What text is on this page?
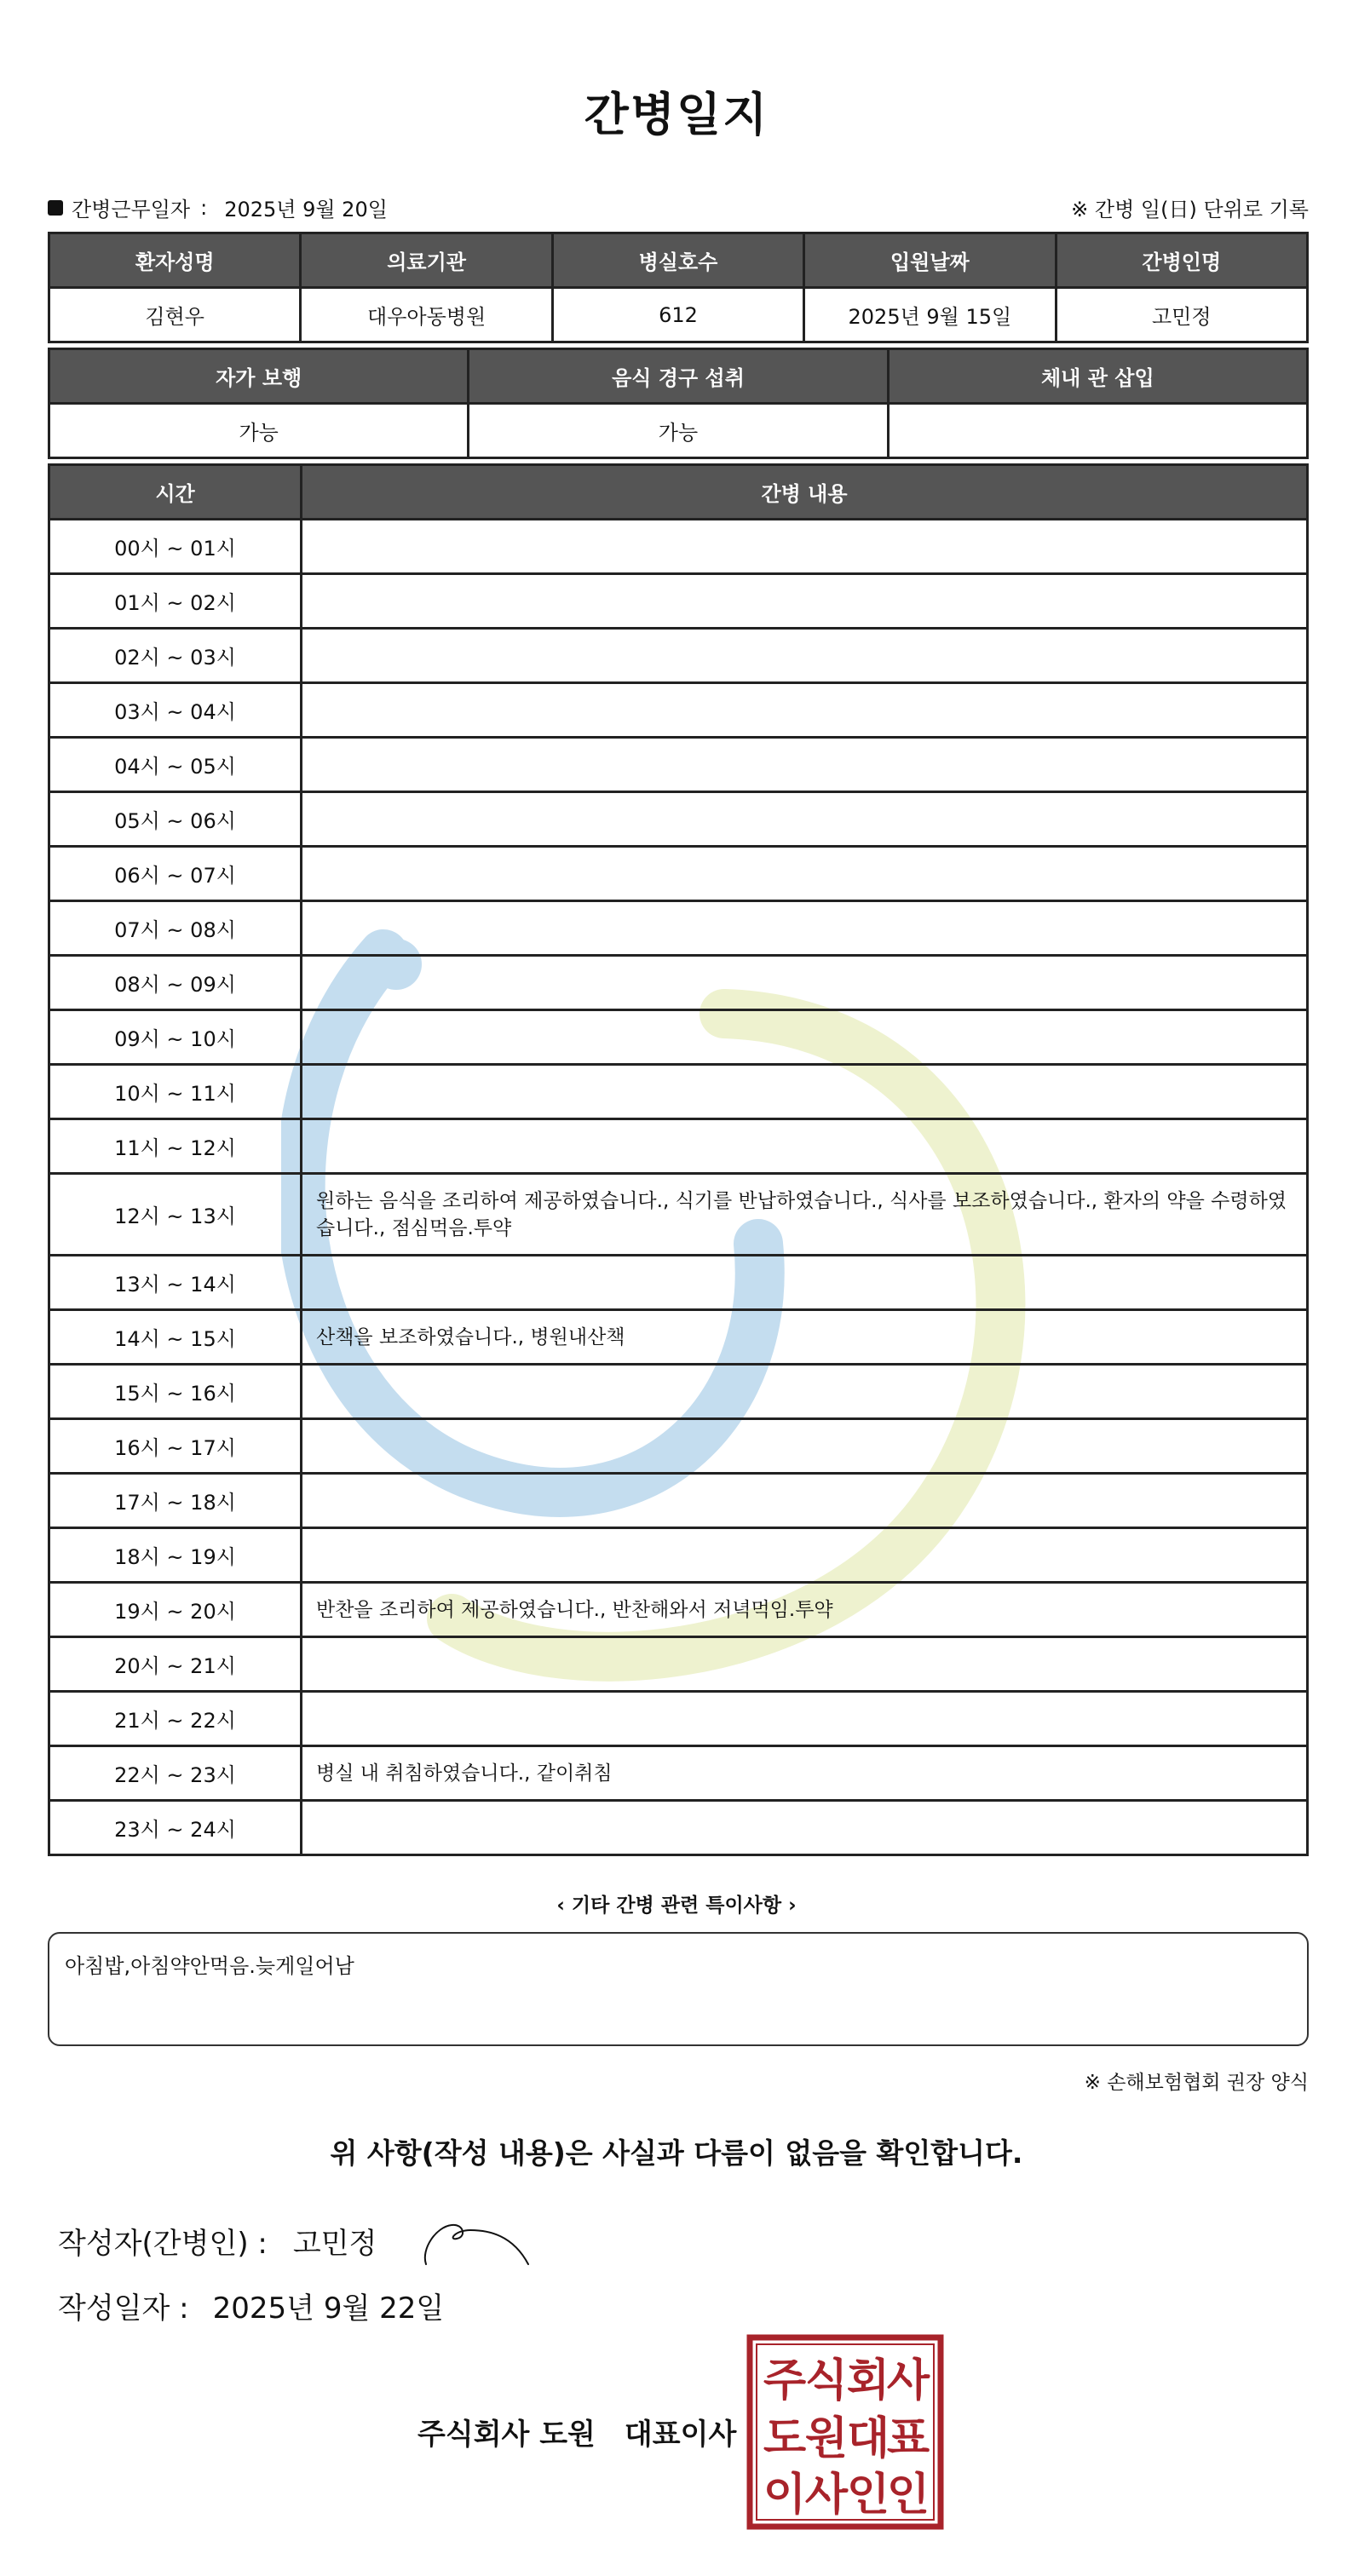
간병일지
간병근무일자 : 2025년 9월 20일	※ 간병 일(日) 단위로 기록
환자성명	의료기관	병실호수	입원날짜	간병인명
김현우	대우아동병원	612	2025년 9월 15일	고민정
자가 보행	음식 경구 섭취	체내 관 삽입
가능	가능	
시간	간병 내용
00시 ~ 01시	
01시 ~ 02시	
02시 ~ 03시	
03시 ~ 04시	
04시 ~ 05시	
05시 ~ 06시	
06시 ~ 07시	
07시 ~ 08시	
08시 ~ 09시	
09시 ~ 10시	
10시 ~ 11시	
11시 ~ 12시	
12시 ~ 13시	원하는 음식을 조리하여 제공하였습니다., 식기를 반납하였습니다., 식사를 보조하였습니다., 환자의 약을 수령하였습니다., 점심먹음.투약
13시 ~ 14시	
14시 ~ 15시	산책을 보조하였습니다., 병원내산책
15시 ~ 16시	
16시 ~ 17시	
17시 ~ 18시	
18시 ~ 19시	
19시 ~ 20시	반찬을 조리하여 제공하였습니다., 반찬해와서 저녁먹임.투약
20시 ~ 21시	
21시 ~ 22시	
22시 ~ 23시	병실 내 취침하였습니다., 같이취침
23시 ~ 24시	
‹ 기타 간병 관련 특이사항 ›
아침밥,아침약안먹음.늦게일어남
※ 손해보험협회 권장 양식
위 사항(작성 내용)은 사실과 다름이 없음을 확인합니다.
작성자(간병인) : 고민정
작성일자 : 2025년 9월 22일
주식회사 도원 대표이사
주
식
회
사
도
원
대
표
이
사
인
인
